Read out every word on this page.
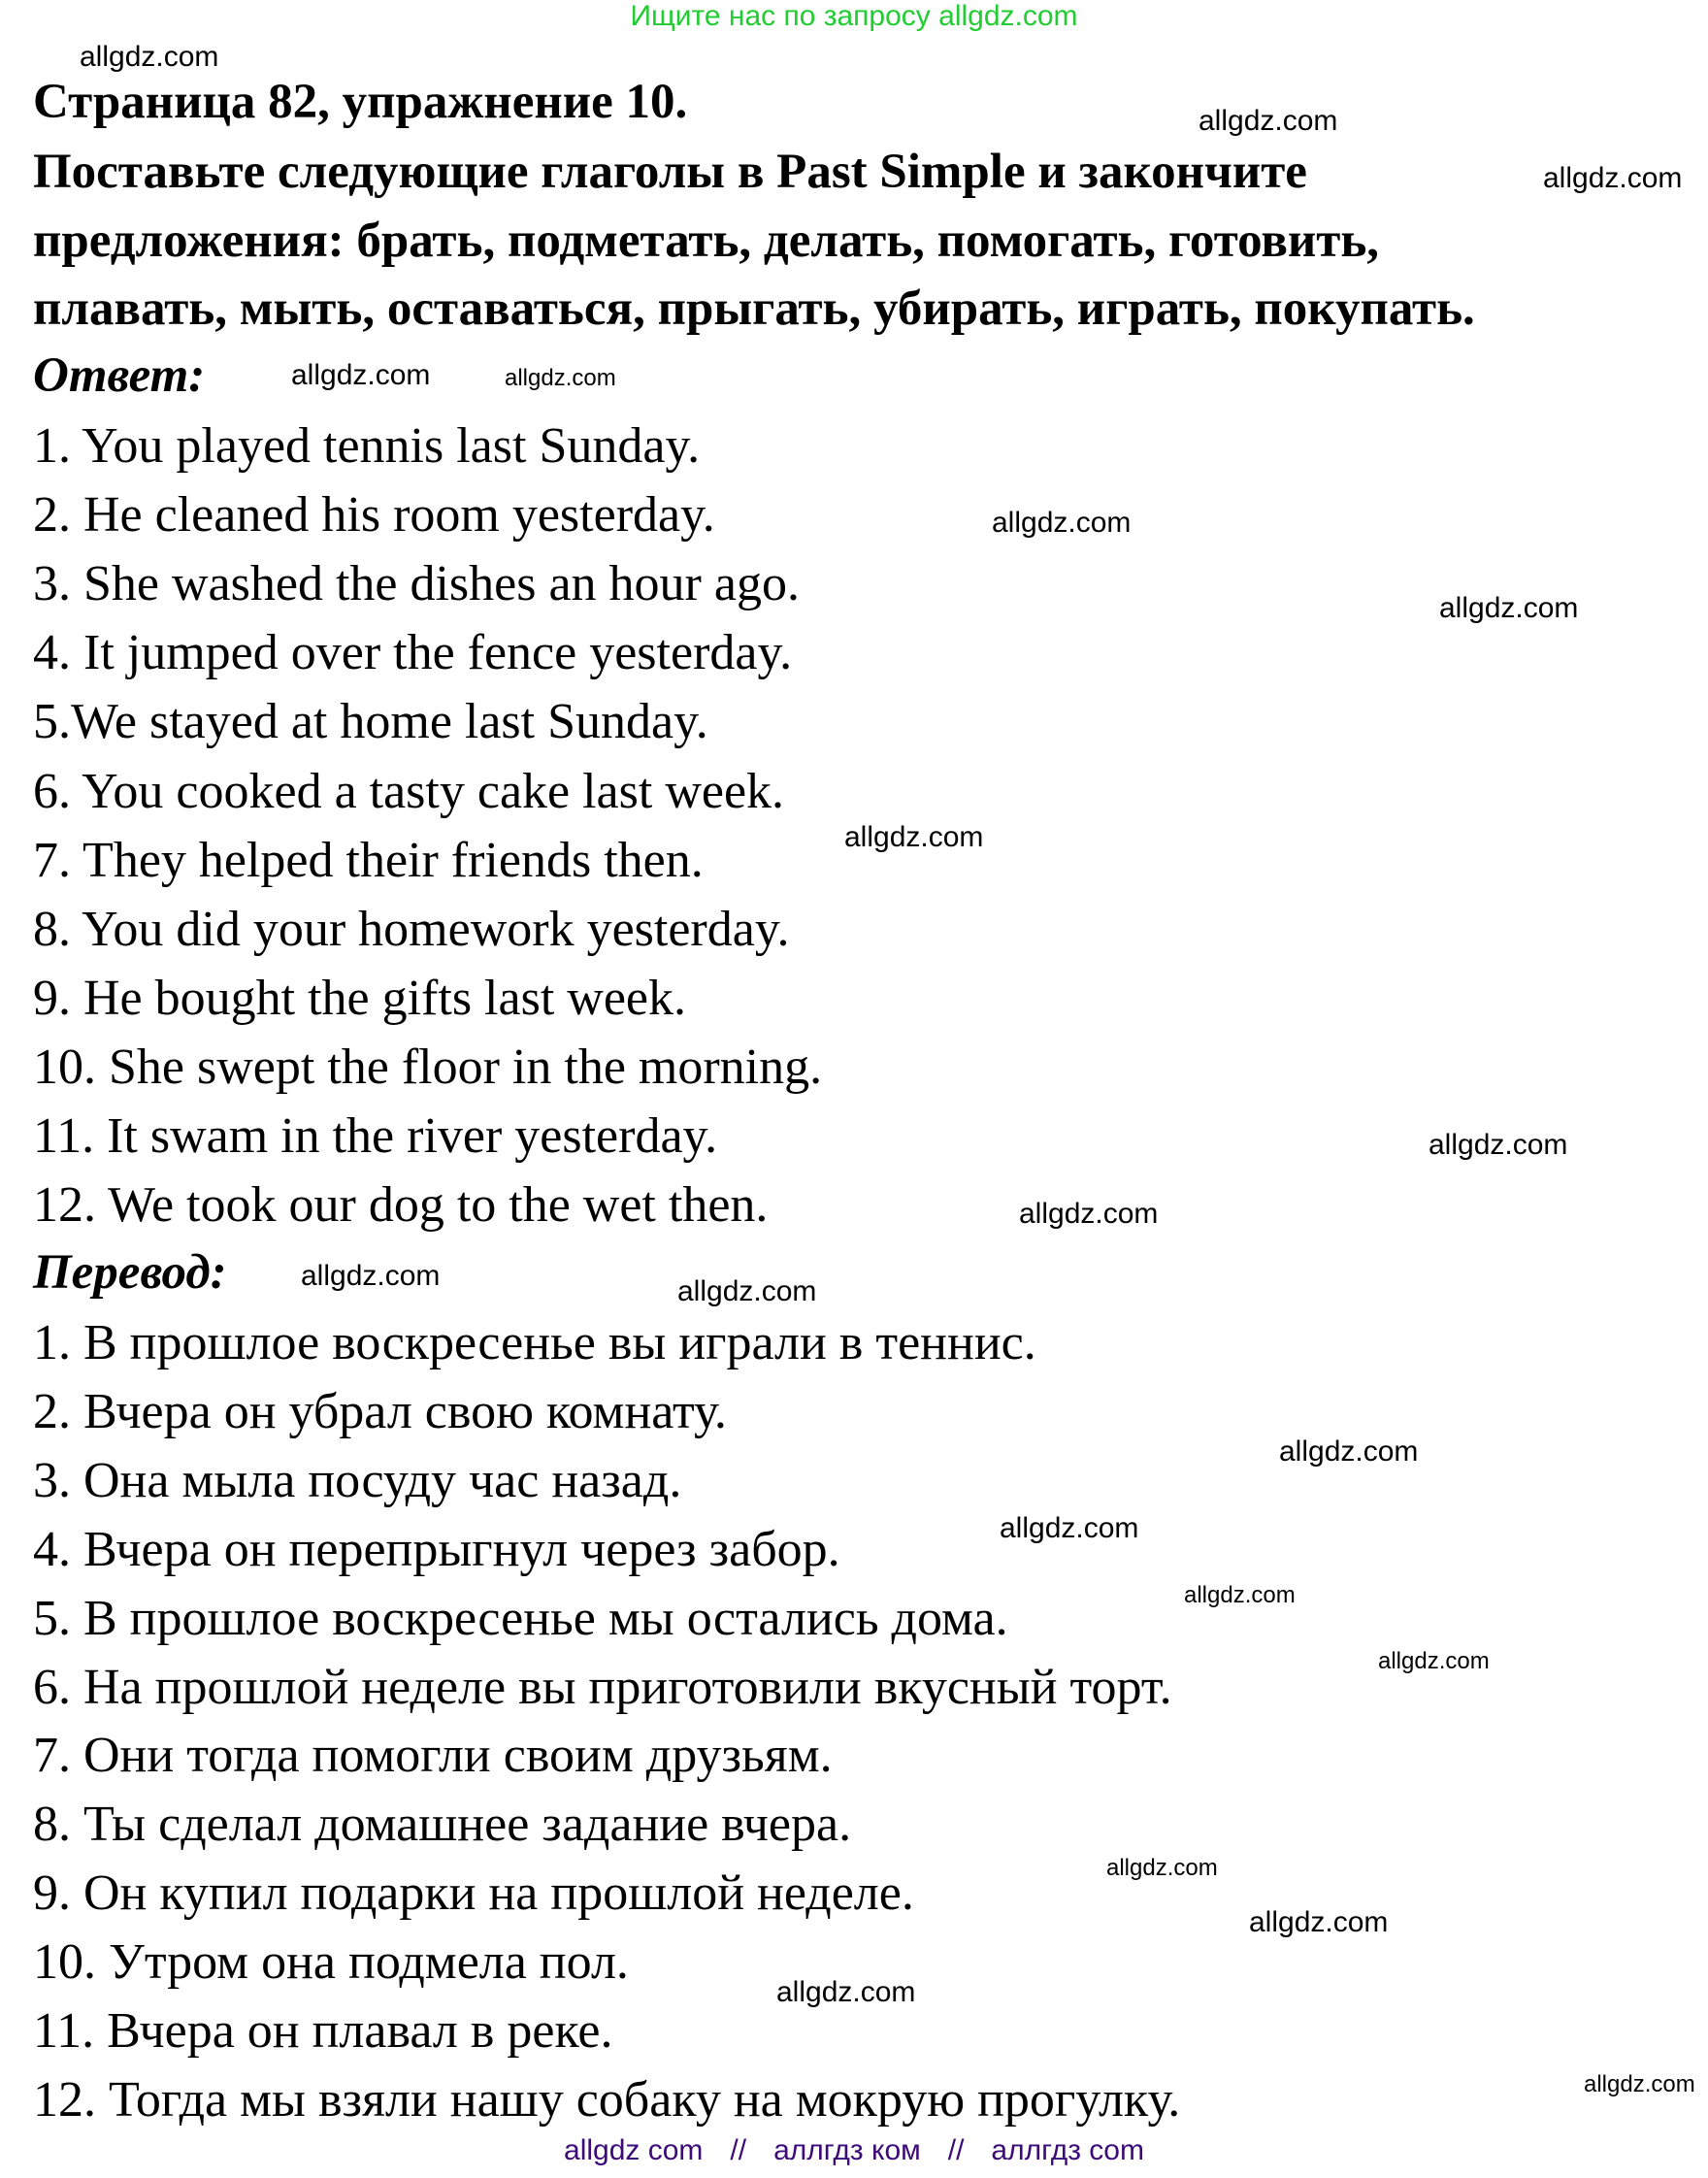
Ищите нас по запросу allgdz.com
Ответ:
Перевод:
allgdz com // аллгдз ком // аллгдз com
Страница 82, упражнение 10.
Поставьте следующие глаголы в Past Simple и закончите
предложения: брать, подметать, делать, помогать, готовить,
плавать, мыть, оставаться, прыгать, убирать, играть, покупать.
1. You played tennis last Sunday.
2. He cleaned his room yesterday.
3. She washed the dishes an hour ago.
4. It jumped over the fence yesterday.
5.We stayed at home last Sunday.
6. You cooked a tasty cake last week.
7. They helped their friends then.
8. You did your homework yesterday.
9. He bought the gifts last week.
10. She swept the floor in the morning.
11. It swam in the river yesterday.
12. We took our dog to the wet then.
1. В прошлое воскресенье вы играли в теннис.
2. Вчера он убрал свою комнату.
3. Она мыла посуду час назад.
4. Вчера он перепрыгнул через забор.
5. В прошлое воскресенье мы остались дома.
6. На прошлой неделе вы приготовили вкусный торт.
7. Они тогда помогли своим друзьям.
8. Ты сделал домашнее задание вчера.
9. Он купил подарки на прошлой неделе.
10. Утром она подмела пол.
11. Вчера он плавал в реке.
12. Тогда мы взяли нашу собаку на мокрую прогулку.
allgdz.com
allgdz.com
allgdz.com
allgdz.com
allgdz.com
allgdz.com
allgdz.com
allgdz.com
allgdz.com
allgdz.com
allgdz.com	allgdz.com
allgdz.com
allgdz.com
allgdz.com
allgdz.com
allgdz.com
allgdz.com
allgdz.com
allgdz.com
